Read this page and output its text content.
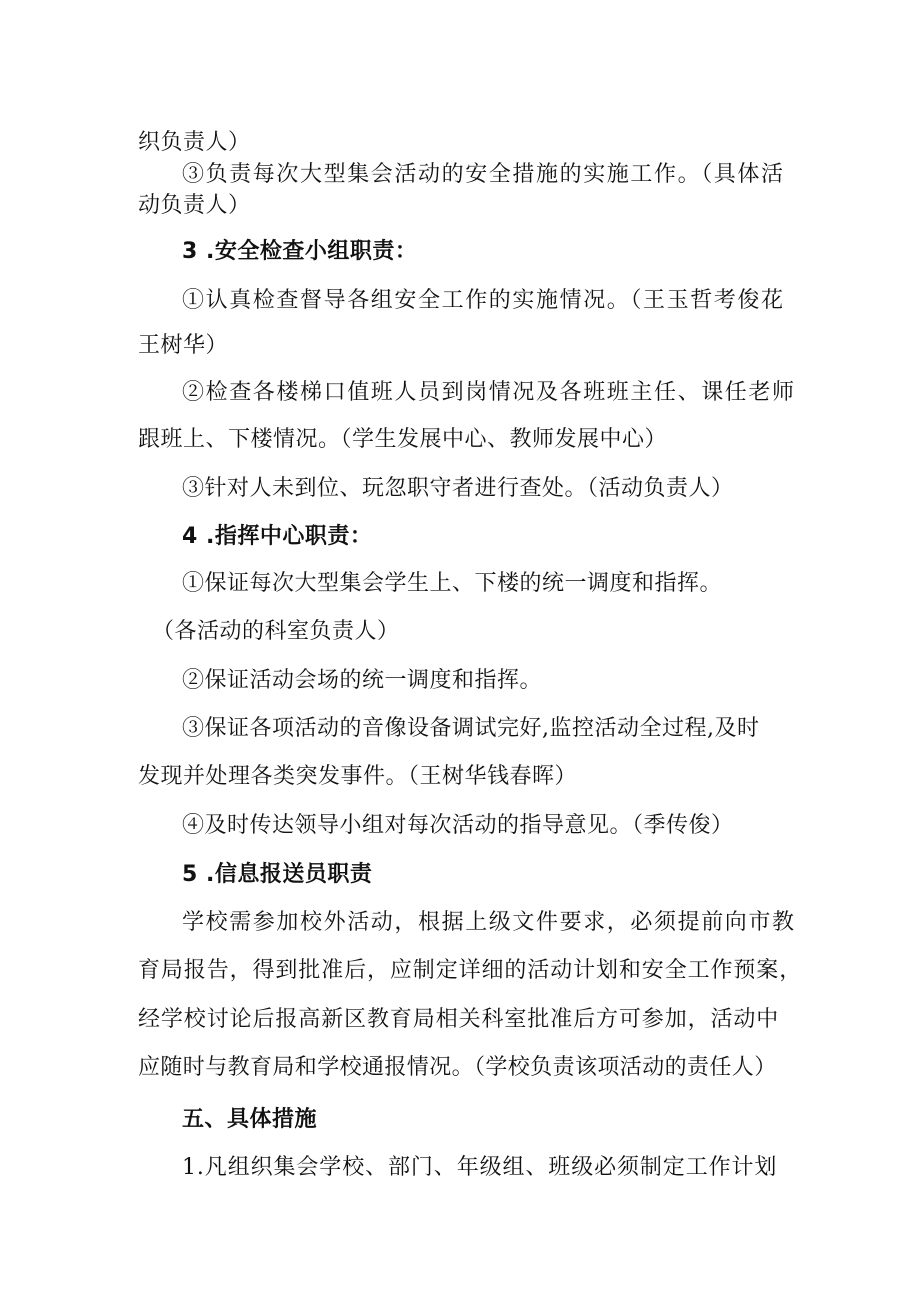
织负责人）
③负责每次大型集会活动的安全措施的实施工作。（具体活
动负责人）
3 .安全检查小组职责：
①认真检查督导各组安全工作的实施情况。（王玉哲考俊花
王树华）
②检查各楼梯口值班人员到岗情况及各班班主任、课任老师
跟班上、下楼情况。（学生发展中心、教师发展中心）
③针对人未到位、玩忽职守者进行查处。（活动负责人）
4 .指挥中心职责：
①保证每次大型集会学生上、下楼的统一调度和指挥。
（各活动的科室负责人）
②保证活动会场的统一调度和指挥。
③保证各项活动的音像设备调试完好,监控活动全过程,及时
发现并处理各类突发事件。（王树华钱春晖）
④及时传达领导小组对每次活动的指导意见。（季传俊）
5 .信息报送员职责
学校需参加校外活动，根据上级文件要求，必须提前向市教
育局报告，得到批准后，应制定详细的活动计划和安全工作预案，
经学校讨论后报高新区教育局相关科室批准后方可参加，活动中
应随时与教育局和学校通报情况。（学校负责该项活动的责任人）
五、具体措施
1.凡组织集会学校、部门、年级组、班级必须制定工作计划
